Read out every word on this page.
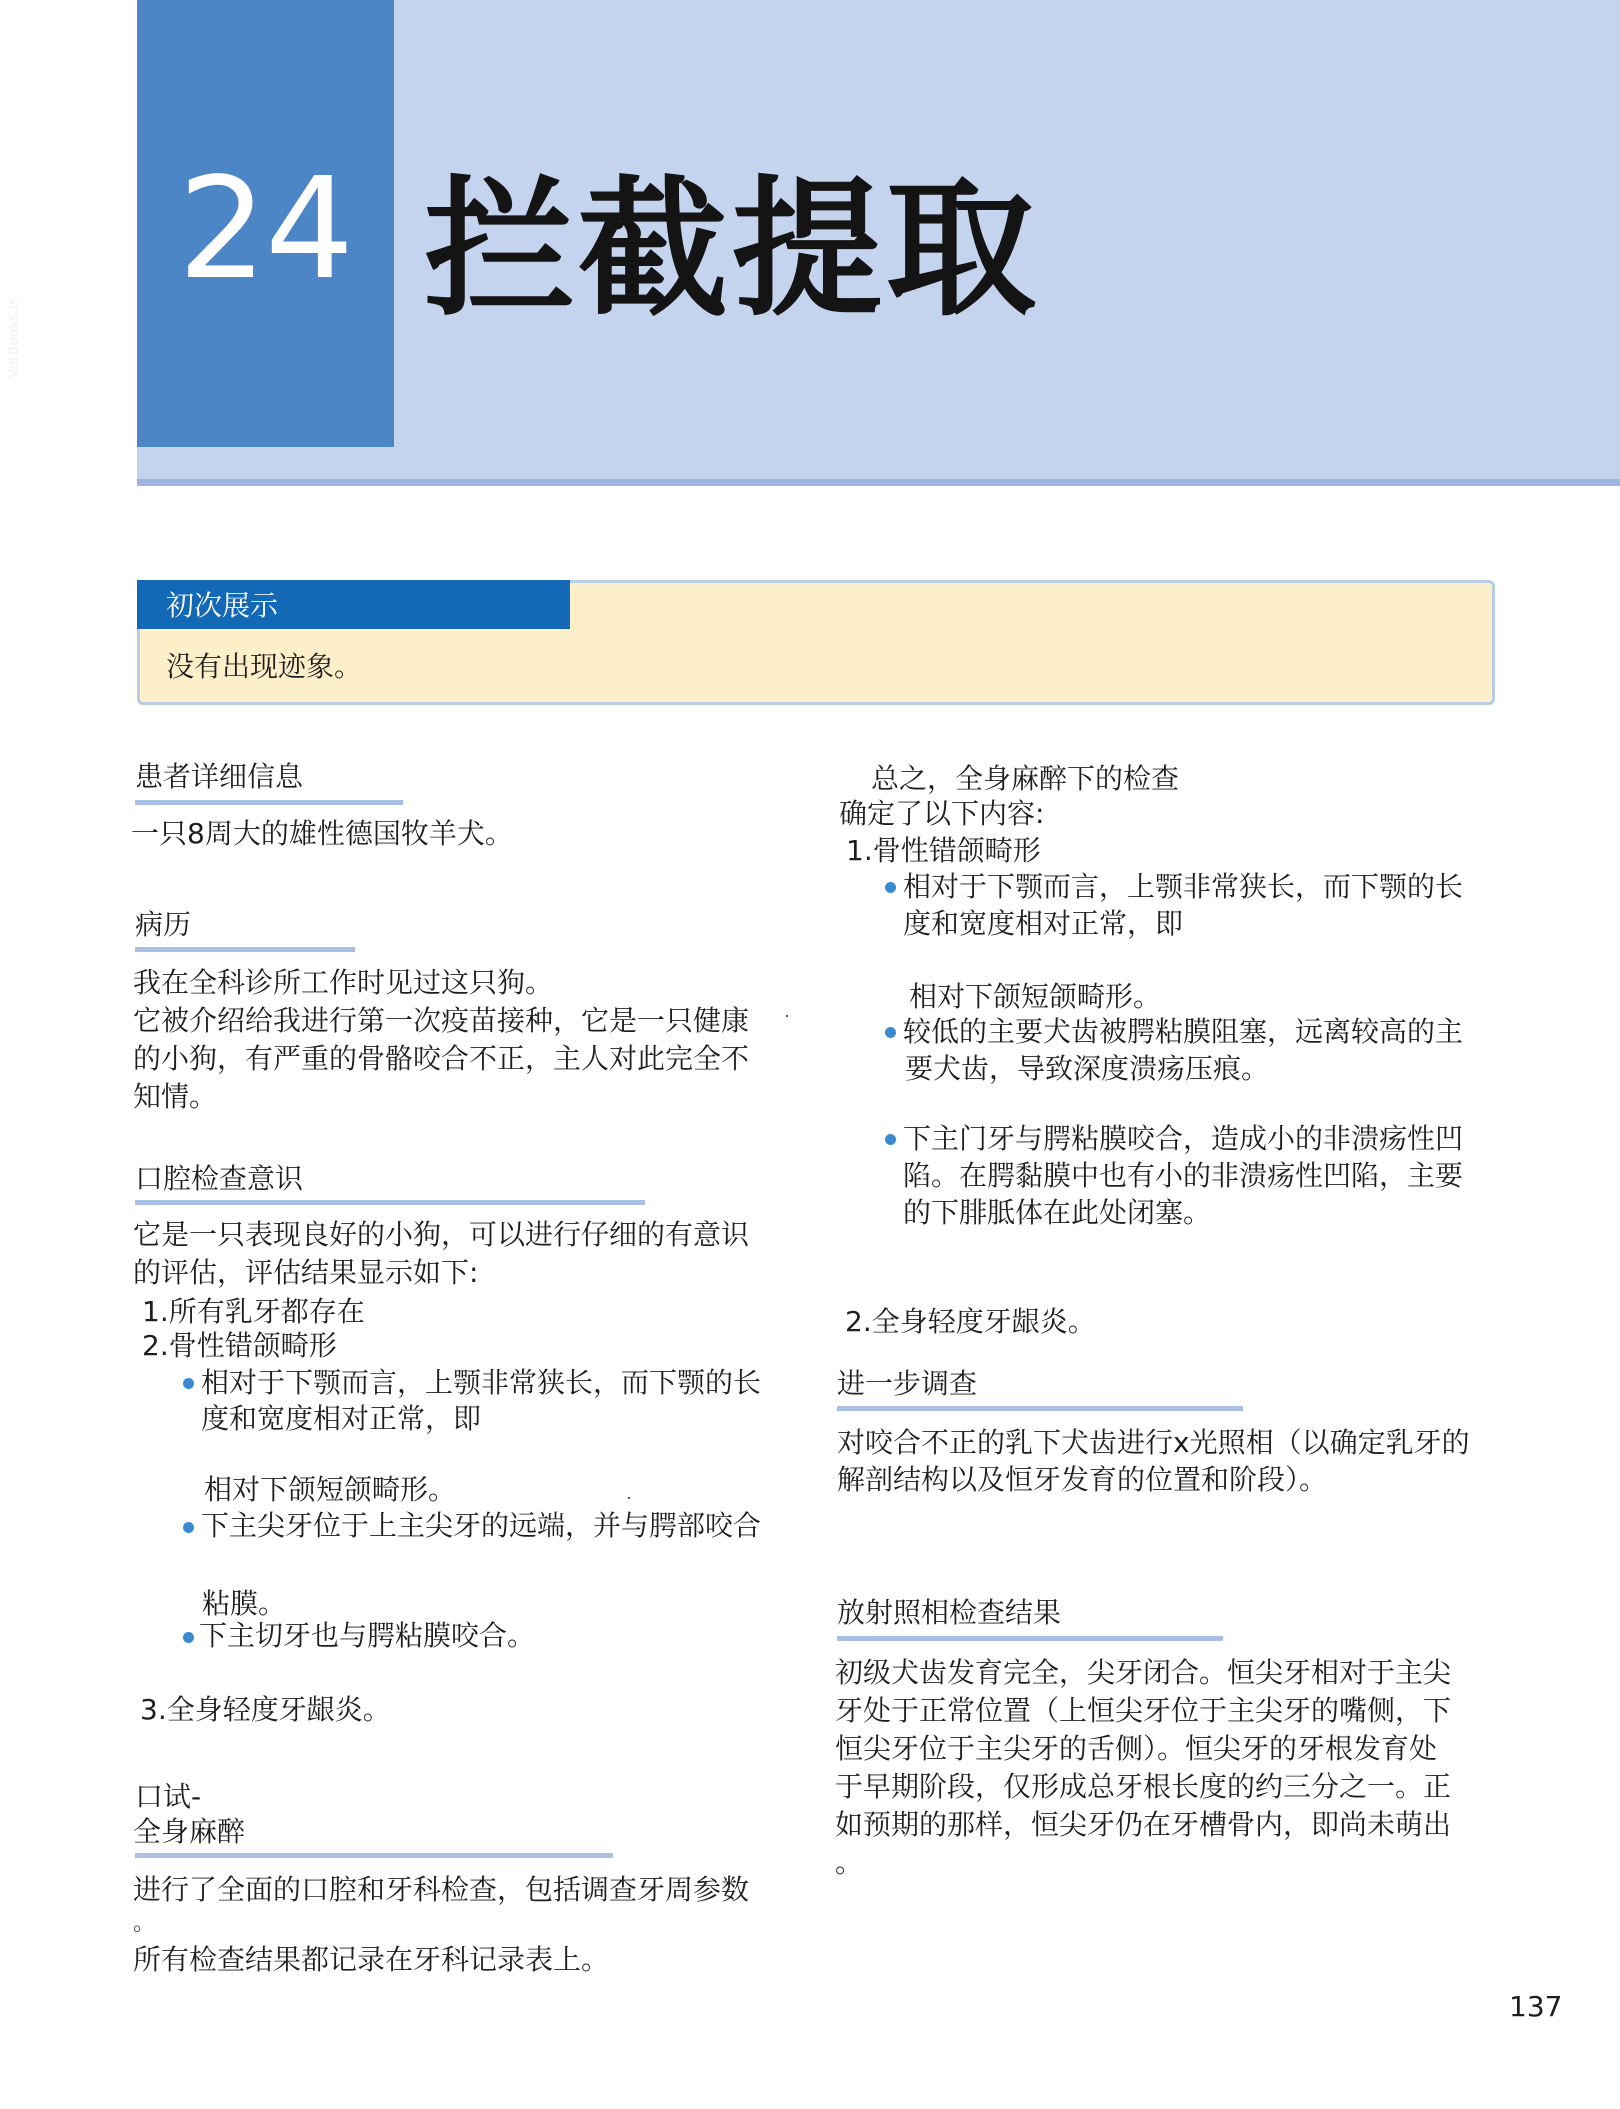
24 拦截提取
VetBooks.ir
初次展示
没有出现迹象。
患者详细信息
一只8周大的雄性德国牧羊犬。
病历
我在全科诊所工作时见过这只狗。
它被介绍给我进行第一次疫苗接种，它是一只健康
的小狗，有严重的骨骼咬合不正，主人对此完全不
知情。
口腔检查意识
它是一只表现良好的小狗，可以进行仔细的有意识
的评估，评估结果显示如下:
1.所有乳牙都存在
2.骨性错颌畸形
相对于下颚而言，上颚非常狭长，而下颚的长
度和宽度相对正常，即
相对下颌短颌畸形。
下主尖牙位于上主尖牙的远端，并与腭部咬合
粘膜。
下主切牙也与腭粘膜咬合。
3.全身轻度牙龈炎。
口试-
全身麻醉
进行了全面的口腔和牙科检查，包括调查牙周参数
。
所有检查结果都记录在牙科记录表上。
总之，全身麻醉下的检查
确定了以下内容:
1.骨性错颌畸形
相对于下颚而言，上颚非常狭长，而下颚的长
度和宽度相对正常，即
相对下颌短颌畸形。
较低的主要犬齿被腭粘膜阻塞，远离较高的主
要犬齿，导致深度溃疡压痕。
下主门牙与腭粘膜咬合，造成小的非溃疡性凹
陷。在腭黏膜中也有小的非溃疡性凹陷，主要
的下腓胝体在此处闭塞。
2.全身轻度牙龈炎。
进一步调查
对咬合不正的乳下犬齿进行x光照相（以确定乳牙的
解剖结构以及恒牙发育的位置和阶段）。
放射照相检查结果
初级犬齿发育完全，尖牙闭合。恒尖牙相对于主尖
牙处于正常位置（上恒尖牙位于主尖牙的嘴侧，下
恒尖牙位于主尖牙的舌侧）。恒尖牙的牙根发育处
于早期阶段，仅形成总牙根长度的约三分之一。正
如预期的那样，恒尖牙仍在牙槽骨内，即尚未萌出
。
137
